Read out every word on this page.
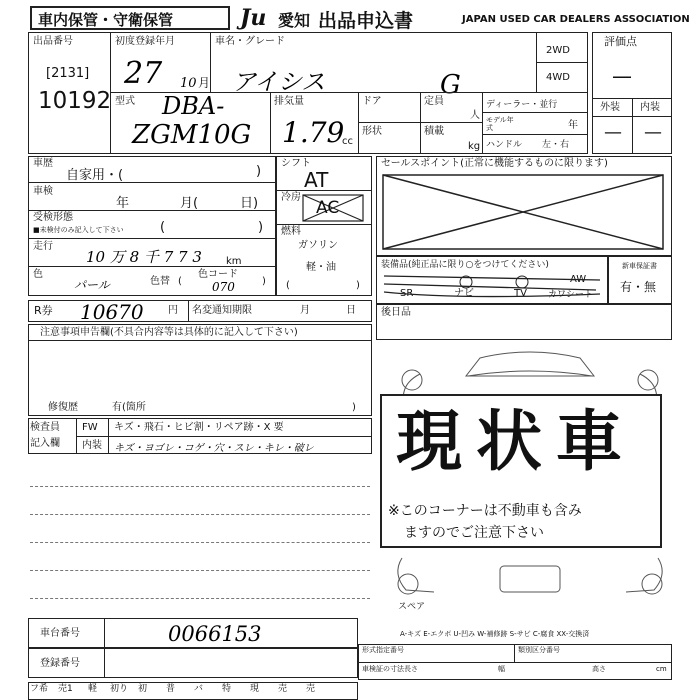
車内保管・守衛保管	Ju 愛知 出品申込書	JAPAN USED CAR DEALERS ASSOCIATION
出品番号
[2131]
10192
初度登録年月
27 10 月
車名・グレード
アイシス	G
2WD
4WD
評価点
—
外装 内装
— —
型式 DBA-
ZGM10G
排気量
1.79
cc
ドア	定員
人
形状	積載
kg
ディーラー・並行
モデル年式	年
ハンドル 左・右
車歴
自家用・(	)
車検
年	月(	日)
受検形態
■未検付のみ記入して下さい	(	)
走行
10 万 8 千 7 7 3 km
色
パール	色替 (
色コード
070	)
シフト
AT
冷房
AC
燃料
ガソリン
軽・油
(	)
セールスポイント(正常に機能するものに限ります)
装備品(純正品に限り○をつけてください)
SR	ナビ	TV
AW
カワシート
新車保証書
有・無
後日品
R券 10670 円 名変通知期限	月	日
注意事項申告欄(不具合内容等は具体的に記入して下さい)
修復歴	有(箇所	)
検査員
記入欄
FW キズ・飛石・ヒビ割・リペア跡・X 要
内装 キズ・ヨゴレ・コゲ・穴・スレ・キレ・破レ
スペア
A-キズ E-エクボ U-凹み W-補修跡 S-サビ C-腐食 XX-交換済
現状車
※このコーナーは不動車も含み
ますのでご注意下さい
車台番号	0066153
登録番号
形式指定番号	類別区分番号
車検証の寸法 長さ	幅	高さ	cm
フ希	売1	軽	初り	初	普	バ	特	現	売	売
